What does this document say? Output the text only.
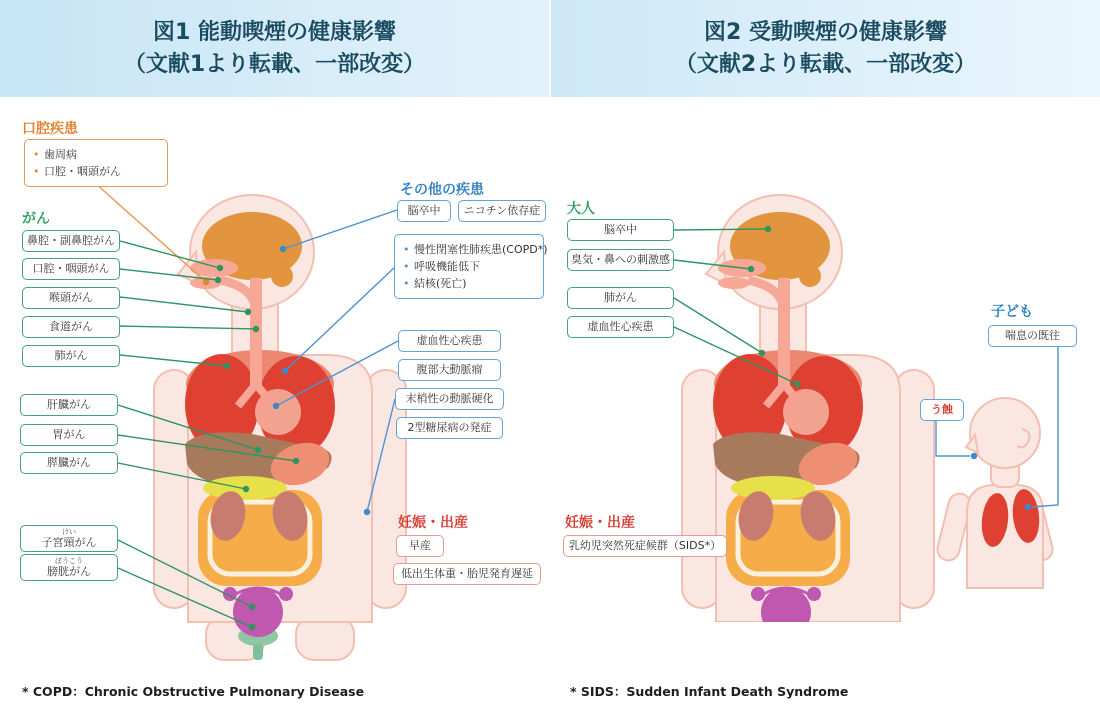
図1 能動喫煙の健康影響
（文献1より転載、一部改変）
図2 受動喫煙の健康影響
（文献2より転載、一部改変）
口腔疾患
• 歯周病
• 口腔・咽頭がん
がん
鼻腔・副鼻腔がん
口腔・咽頭がん
喉頭がん
食道がん
肺がん
肝臓がん
胃がん
膵臓がん
けい
子宮頸がん
ぼうこう
膀胱がん
その他の疾患
脳卒中	ニコチン依存症
• 慢性閉塞性肺疾患(COPD*)
• 呼吸機能低下
• 結核(死亡)
虚血性心疾患
腹部大動脈瘤
末梢性の動脈硬化
2型糖尿病の発症
妊娠・出産
早産
低出生体重・胎児発育遅延
大人
脳卒中
臭気・鼻への刺激感
肺がん
虚血性心疾患
妊娠・出産
乳幼児突然死症候群（SIDS*）
子ども
喘息の既往
う蝕
* COPD：Chronic Obstructive Pulmonary Disease	* SIDS：Sudden Infant Death Syndrome
